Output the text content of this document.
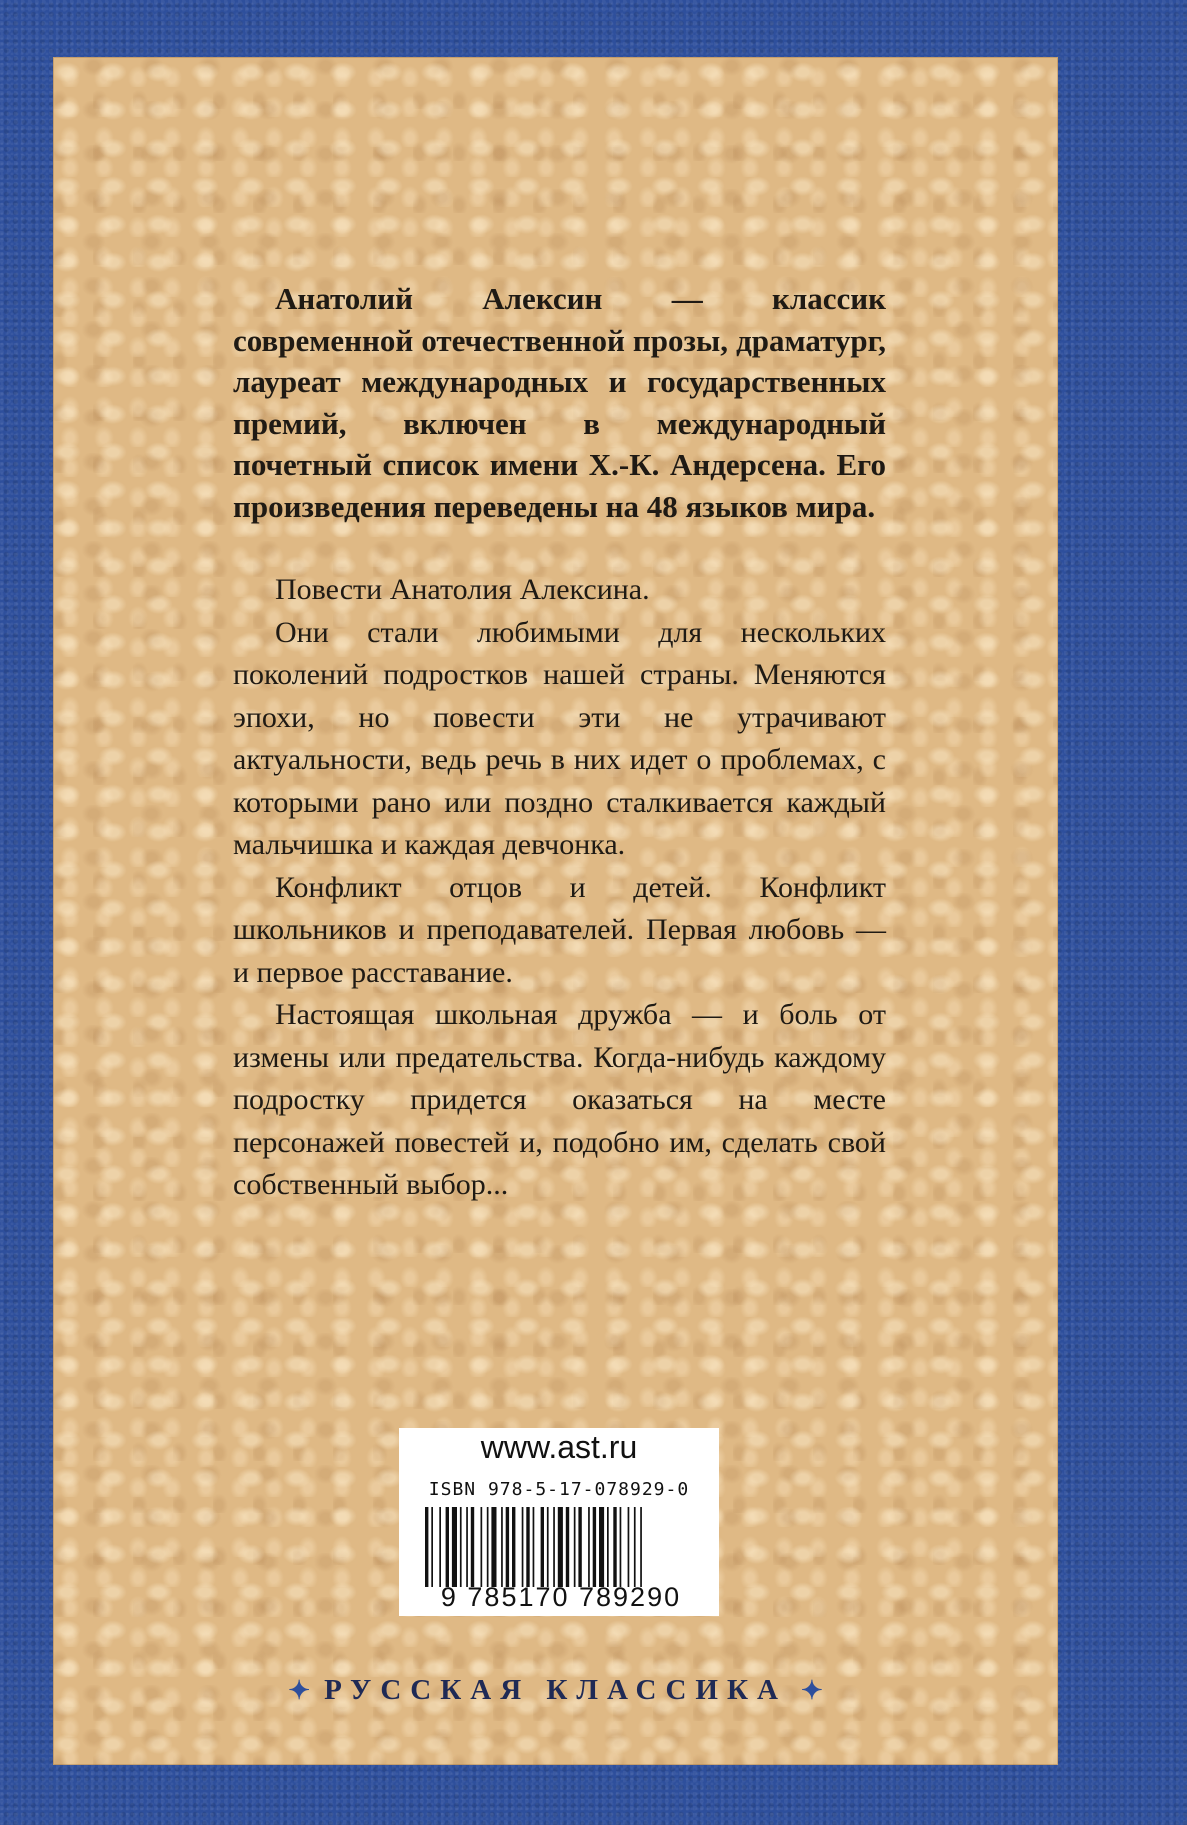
Анатолий Алексин — классик современной отечественной прозы, драматург, лауреат международных и государственных премий, включен в международный почетный список имени Х.-К. Андерсена. Его произведения переведены на 48 языков мира.

Повести Анатолия Алексина.

Они стали любимыми для нескольких поколений подростков нашей страны. Меняются эпохи, но повести эти не утрачивают актуальности, ведь речь в них идет о проблемах, с которыми рано или поздно сталкивается каждый мальчишка и каждая девчонка.

Конфликт отцов и детей. Конфликт школьников и преподавателей. Первая любовь — и первое расставание.

Настоящая школьная дружба — и боль от измены или предательства. Когда-нибудь каждому подростку придется оказаться на месте персонажей повестей и, подобно им, сделать свой собственный выбор...

www.ast.ru
ISBN 978-5-17-078929-0
9 785170 789290
✦ РУССКАЯ КЛАССИКА ✦
